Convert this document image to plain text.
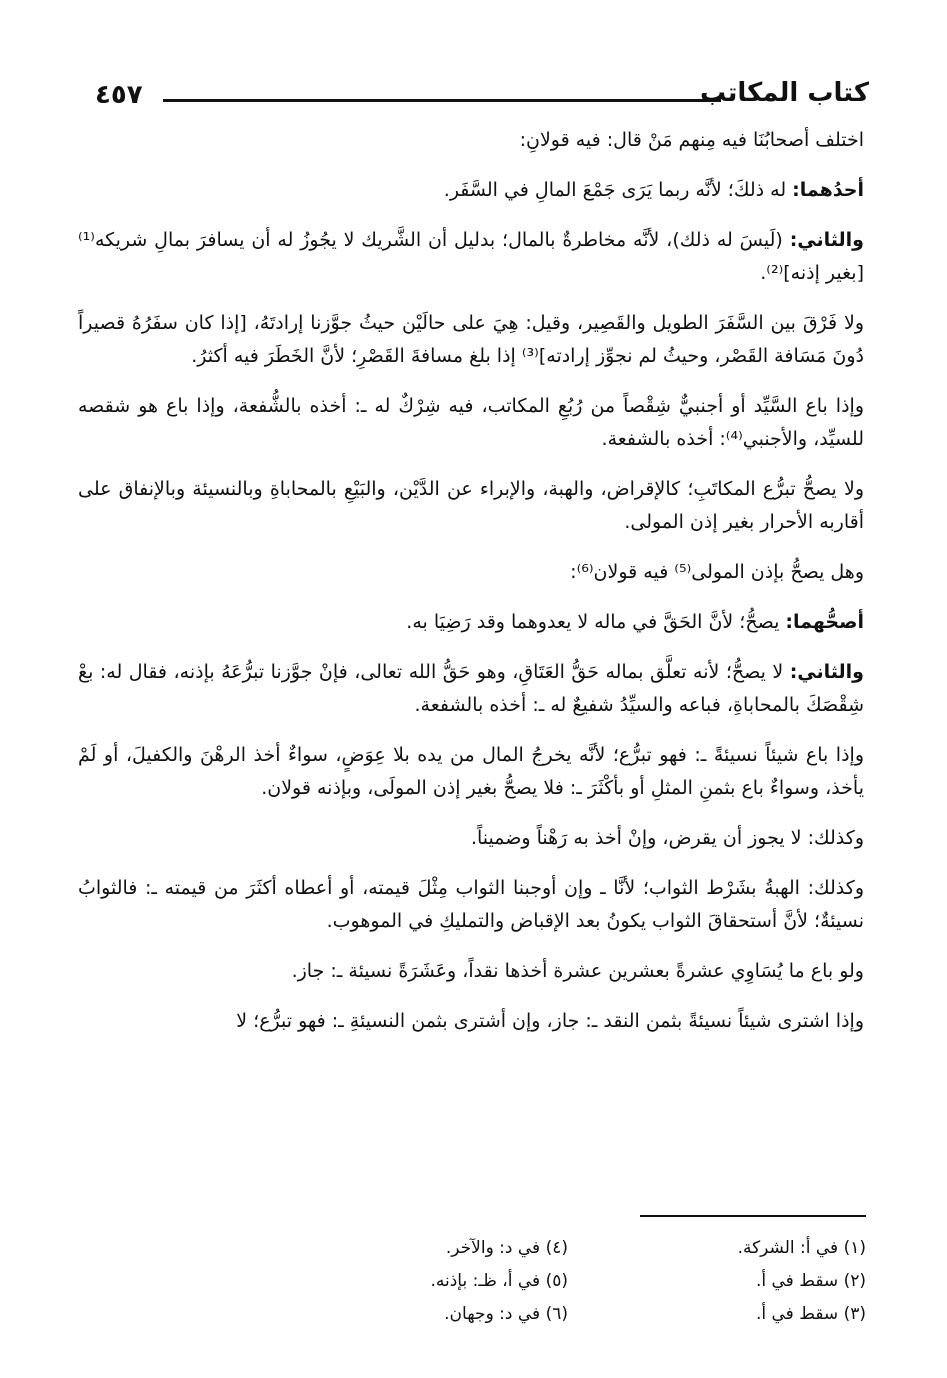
٤٥٧	كتاب المكاتب

اختلف أصحابُنَا فيه مِنهم مَنْ قال: فيه قولانِ:

أحدُهما: له ذلكَ؛ لأنَّه ربما يَرَى جَمْعَ المالِ في السَّفَر.

والثاني: (لَيسَ له ذلك)، لأنَّه مخاطرةٌ بالمال؛ بدليل أن الشَّريك لا يجُوزُ له أن يسافرَ بمالِ شريكه⁽¹⁾ [بغير إذنه]⁽²⁾.

ولا فَرْقَ بين السَّفَرَ الطويل والقَصِير، وقيل: هِيَ على حالَيْن حيثُ جوَّزنا إرادتَهُ، [إذا كان سفَرُهُ قصيراً دُونَ مَسَافة القَصْر، وحيثُ لم نجوِّز إرادته]⁽³⁾ إذا بلغ مسافةَ القَصْرِ؛ لأنَّ الخَطَرَ فيه أكثرُ.

وإذا باع السَّيِّد أو أجنبيٌّ شِقْصاً من رُبُعِ المكاتب، فيه شِرْكٌ له ـ: أخذه بالشُّفعة، وإذا باع هو شقصه للسيِّد، والأجنبي⁽⁴⁾: أخذه بالشفعة.

ولا يصحُّ تبرُّع المكاتَبِ؛ كالإقراض، والهبة، والإبراء عن الدَّيْن، والبَيْعِ بالمحاباةِ وبالنسيئة وبالإنفاق على أقاربه الأحرار بغير إذن المولى.

وهل يصحُّ بإذن المولى⁽⁵⁾ فيه قولان⁽⁶⁾:

أصحُّهما: يصحُّ؛ لأنَّ الحَقَّ في ماله لا يعدوهما وقد رَضِيَا به.

والثاني: لا يصحُّ؛ لأنه تعلَّق بماله حَقُّ العَتَاقِ، وهو حَقُّ الله تعالى، فإنْ جوَّزنا تبرُّعَهُ بإذنه، فقال له: بعْ شِقْصَكَ بالمحاباةِ، فباعه والسيِّدُ شفيعٌ له ـ: أخذه بالشفعة.

وإذا باع شيئاً نسيئةً ـ: فهو تبرُّع؛ لأنَّه يخرجُ المال من يده بلا عِوَضٍ، سواءٌ أخذ الرهْنَ والكفيلَ، أو لَمْ يأخذ، وسواءٌ باع بثمنِ المثلِ أو بأكْثَرَ ـ: فلا يصحُّ بغير إذن المولَى، وبإذنه قولان.

وكذلك: لا يجوز أن يقرض، وإنْ أخذ به رَهْناً وضميناً.

وكذلك: الهبةُ بشَرْط الثواب؛ لأنَّا ـ وإن أوجبنا الثواب مِثْلَ قيمته، أو أعطاه أكثَرَ من قيمته ـ: فالثوابُ نسيئةٌ؛ لأنَّ أستحقاقَ الثواب يكونُ بعد الإقباض والتمليكِ في الموهوب.

ولو باع ما يُسَاوِي عشرةً بعشرين عشرة أخذها نقداً، وعَشَرَةً نسيئة ـ: جاز.

وإذا اشترى شيئاً نسيئةً بثمن النقد ـ: جاز، وإن أشترى بثمن النسيئةِ ـ: فهو تبرُّع؛ لا

(١) في أ: الشركة.
(٢) سقط في أ.
(٣) سقط في أ.
(٤) في د: والآخر.
(٥) في أ، ظـ: بإذنه.
(٦) في د: وجهان.
